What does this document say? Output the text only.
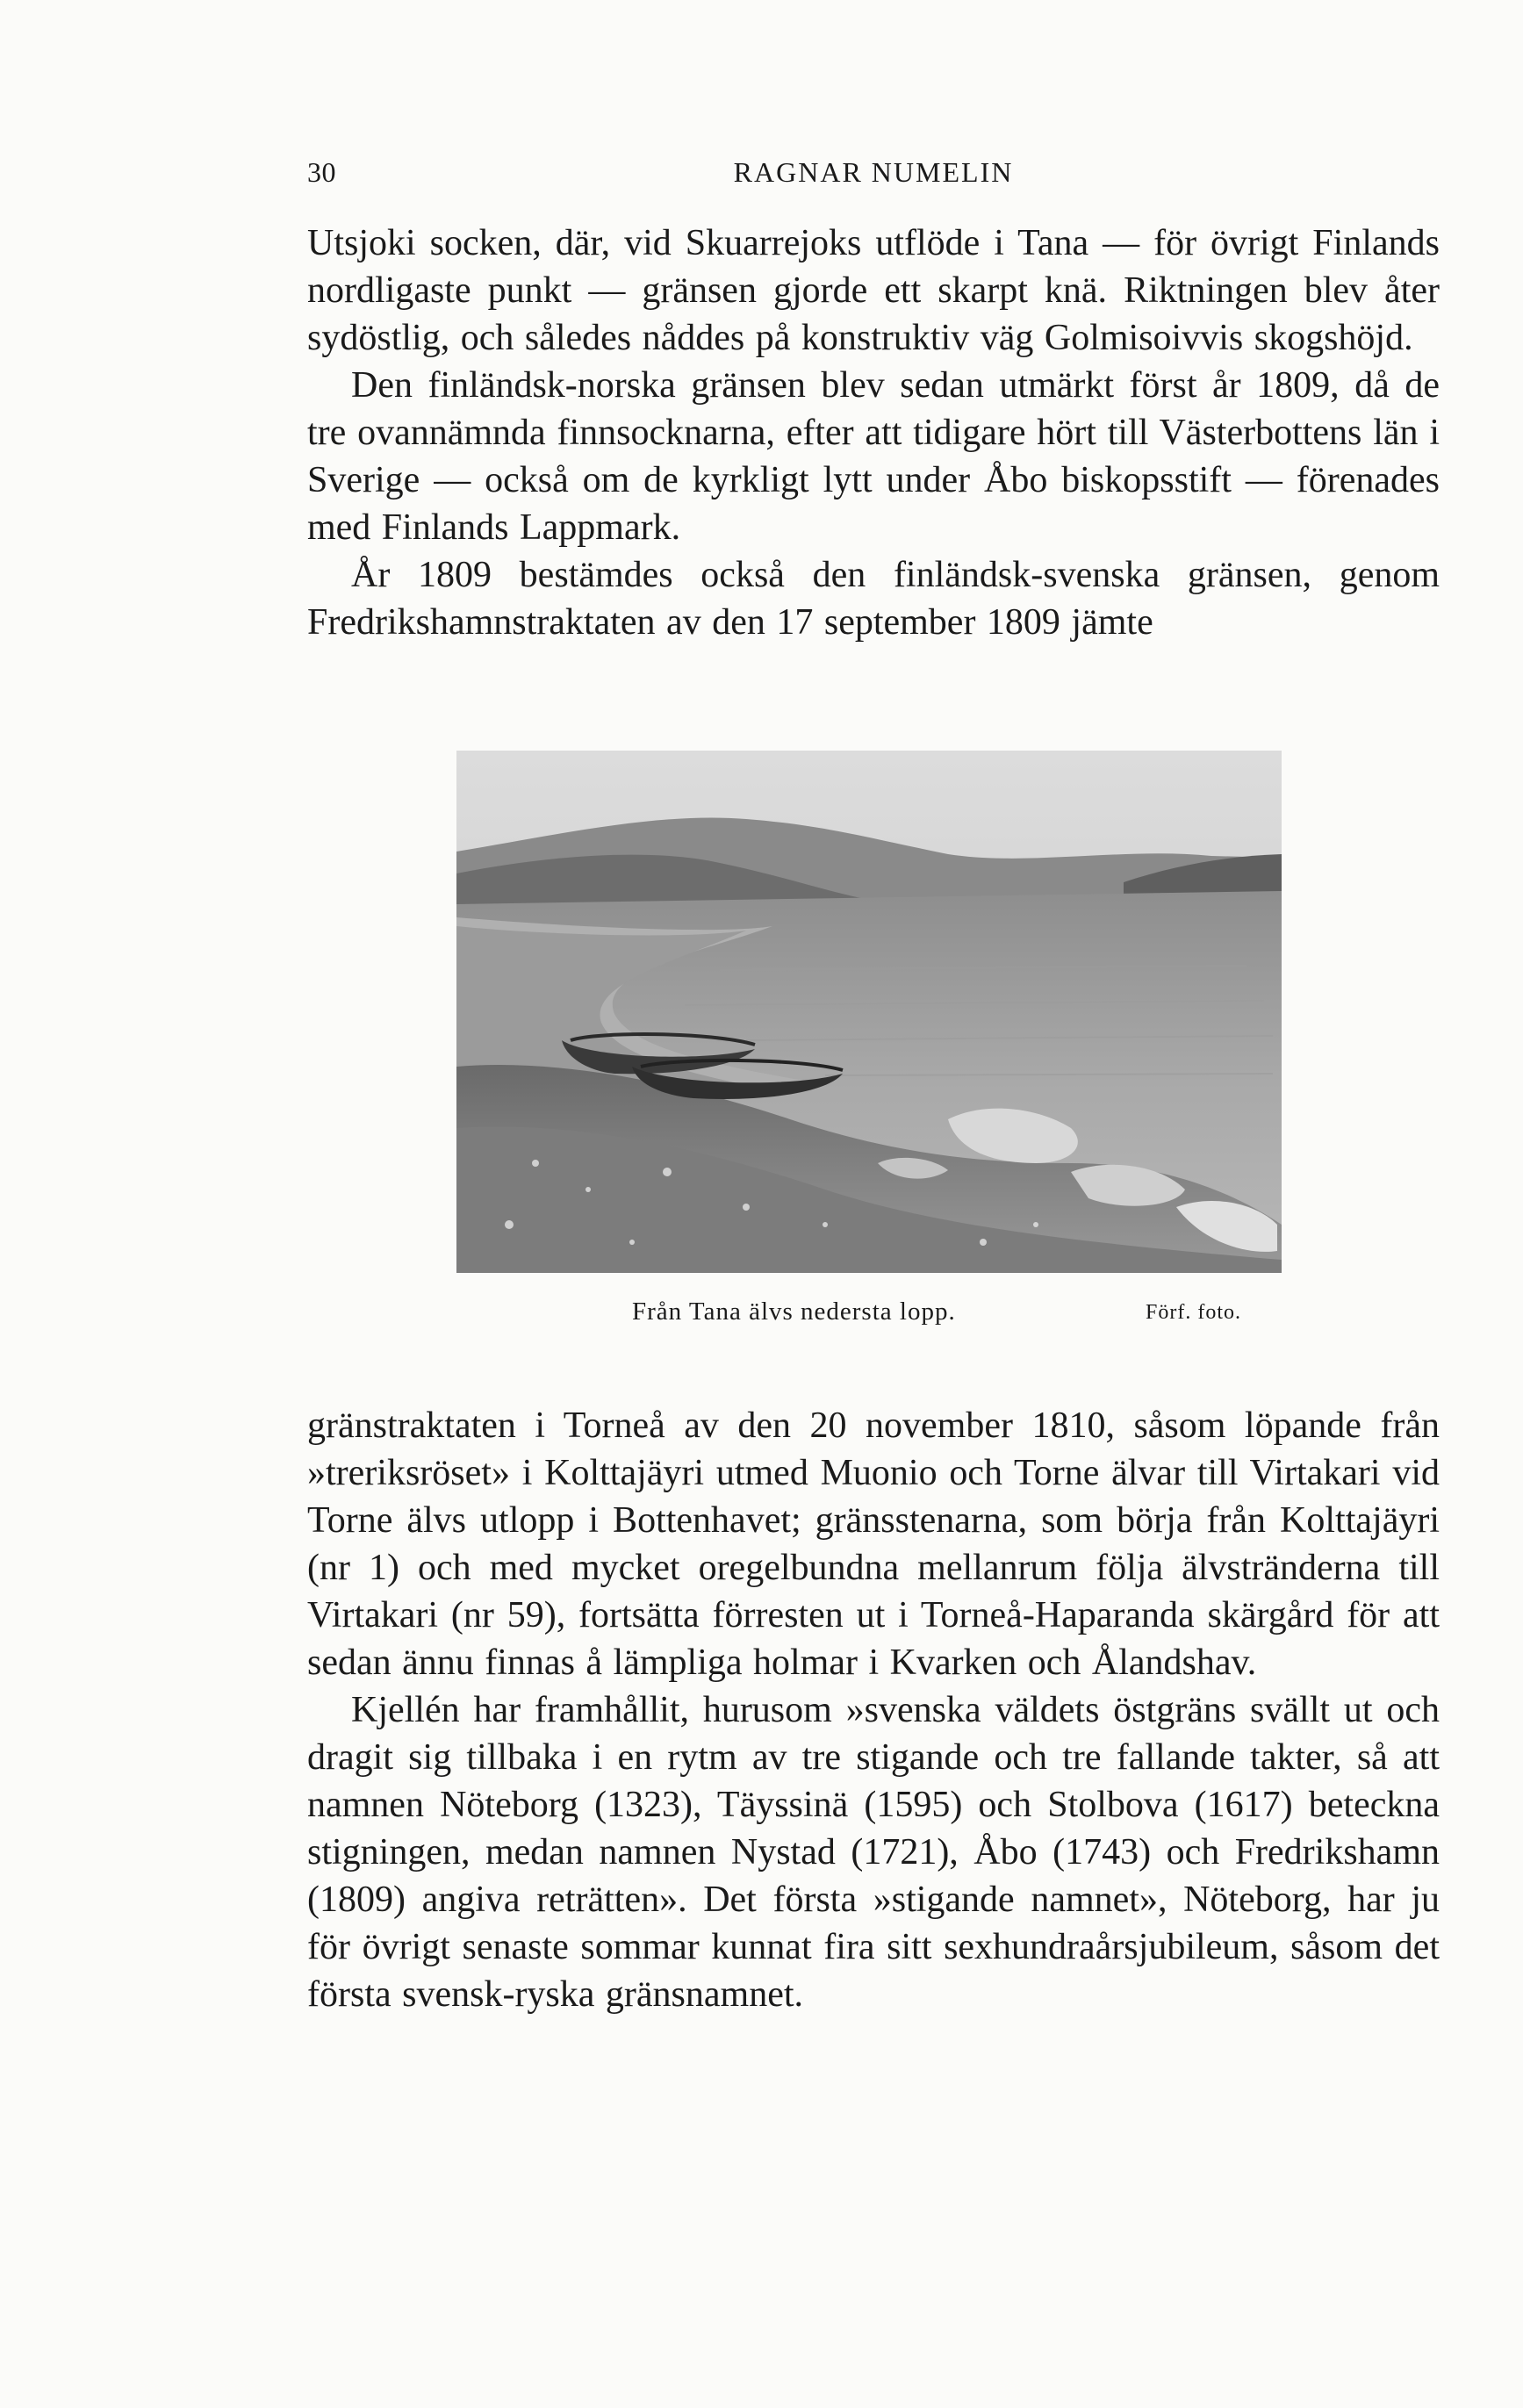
30	RAGNAR NUMELIN

Utsjoki socken, där, vid Skuarrejoks utflöde i Tana — för övrigt Finlands nordligaste punkt — gränsen gjorde ett skarpt knä. Riktningen blev åter sydöstlig, och således nåddes på konstruktiv väg Golmisoivvis skogshöjd.

Den finländsk-norska gränsen blev sedan utmärkt först år 1809, då de tre ovannämnda finnsocknarna, efter att tidigare hört till Västerbottens län i Sverige — också om de kyrkligt lytt under Åbo biskopsstift — förenades med Finlands Lappmark.

År 1809 bestämdes också den finländsk-svenska gränsen, genom Fredrikshamnstraktaten av den 17 september 1809 jämte

Från Tana älvs nedersta lopp.	Förf. foto.

gränstraktaten i Torneå av den 20 november 1810, såsom löpande från »treriksröset» i Kolttajäyri utmed Muonio och Torne älvar till Virtakari vid Torne älvs utlopp i Bottenhavet; gränsstenarna, som börja från Kolttajäyri (nr 1) och med mycket oregelbundna mellanrum följa älvstränderna till Virtakari (nr 59), fortsätta förresten ut i Torneå-Haparanda skärgård för att sedan ännu finnas å lämpliga holmar i Kvarken och Ålandshav.

Kjellén har framhållit, hurusom »svenska väldets östgräns svällt ut och dragit sig tillbaka i en rytm av tre stigande och tre fallande takter, så att namnen Nöteborg (1323), Täyssinä (1595) och Stolbova (1617) beteckna stigningen, medan namnen Nystad (1721), Åbo (1743) och Fredrikshamn (1809) angiva reträtten». Det första »stigande namnet», Nöteborg, har ju för övrigt senaste sommar kunnat fira sitt sexhundraårsjubileum, såsom det första svensk-ryska gränsnamnet.
